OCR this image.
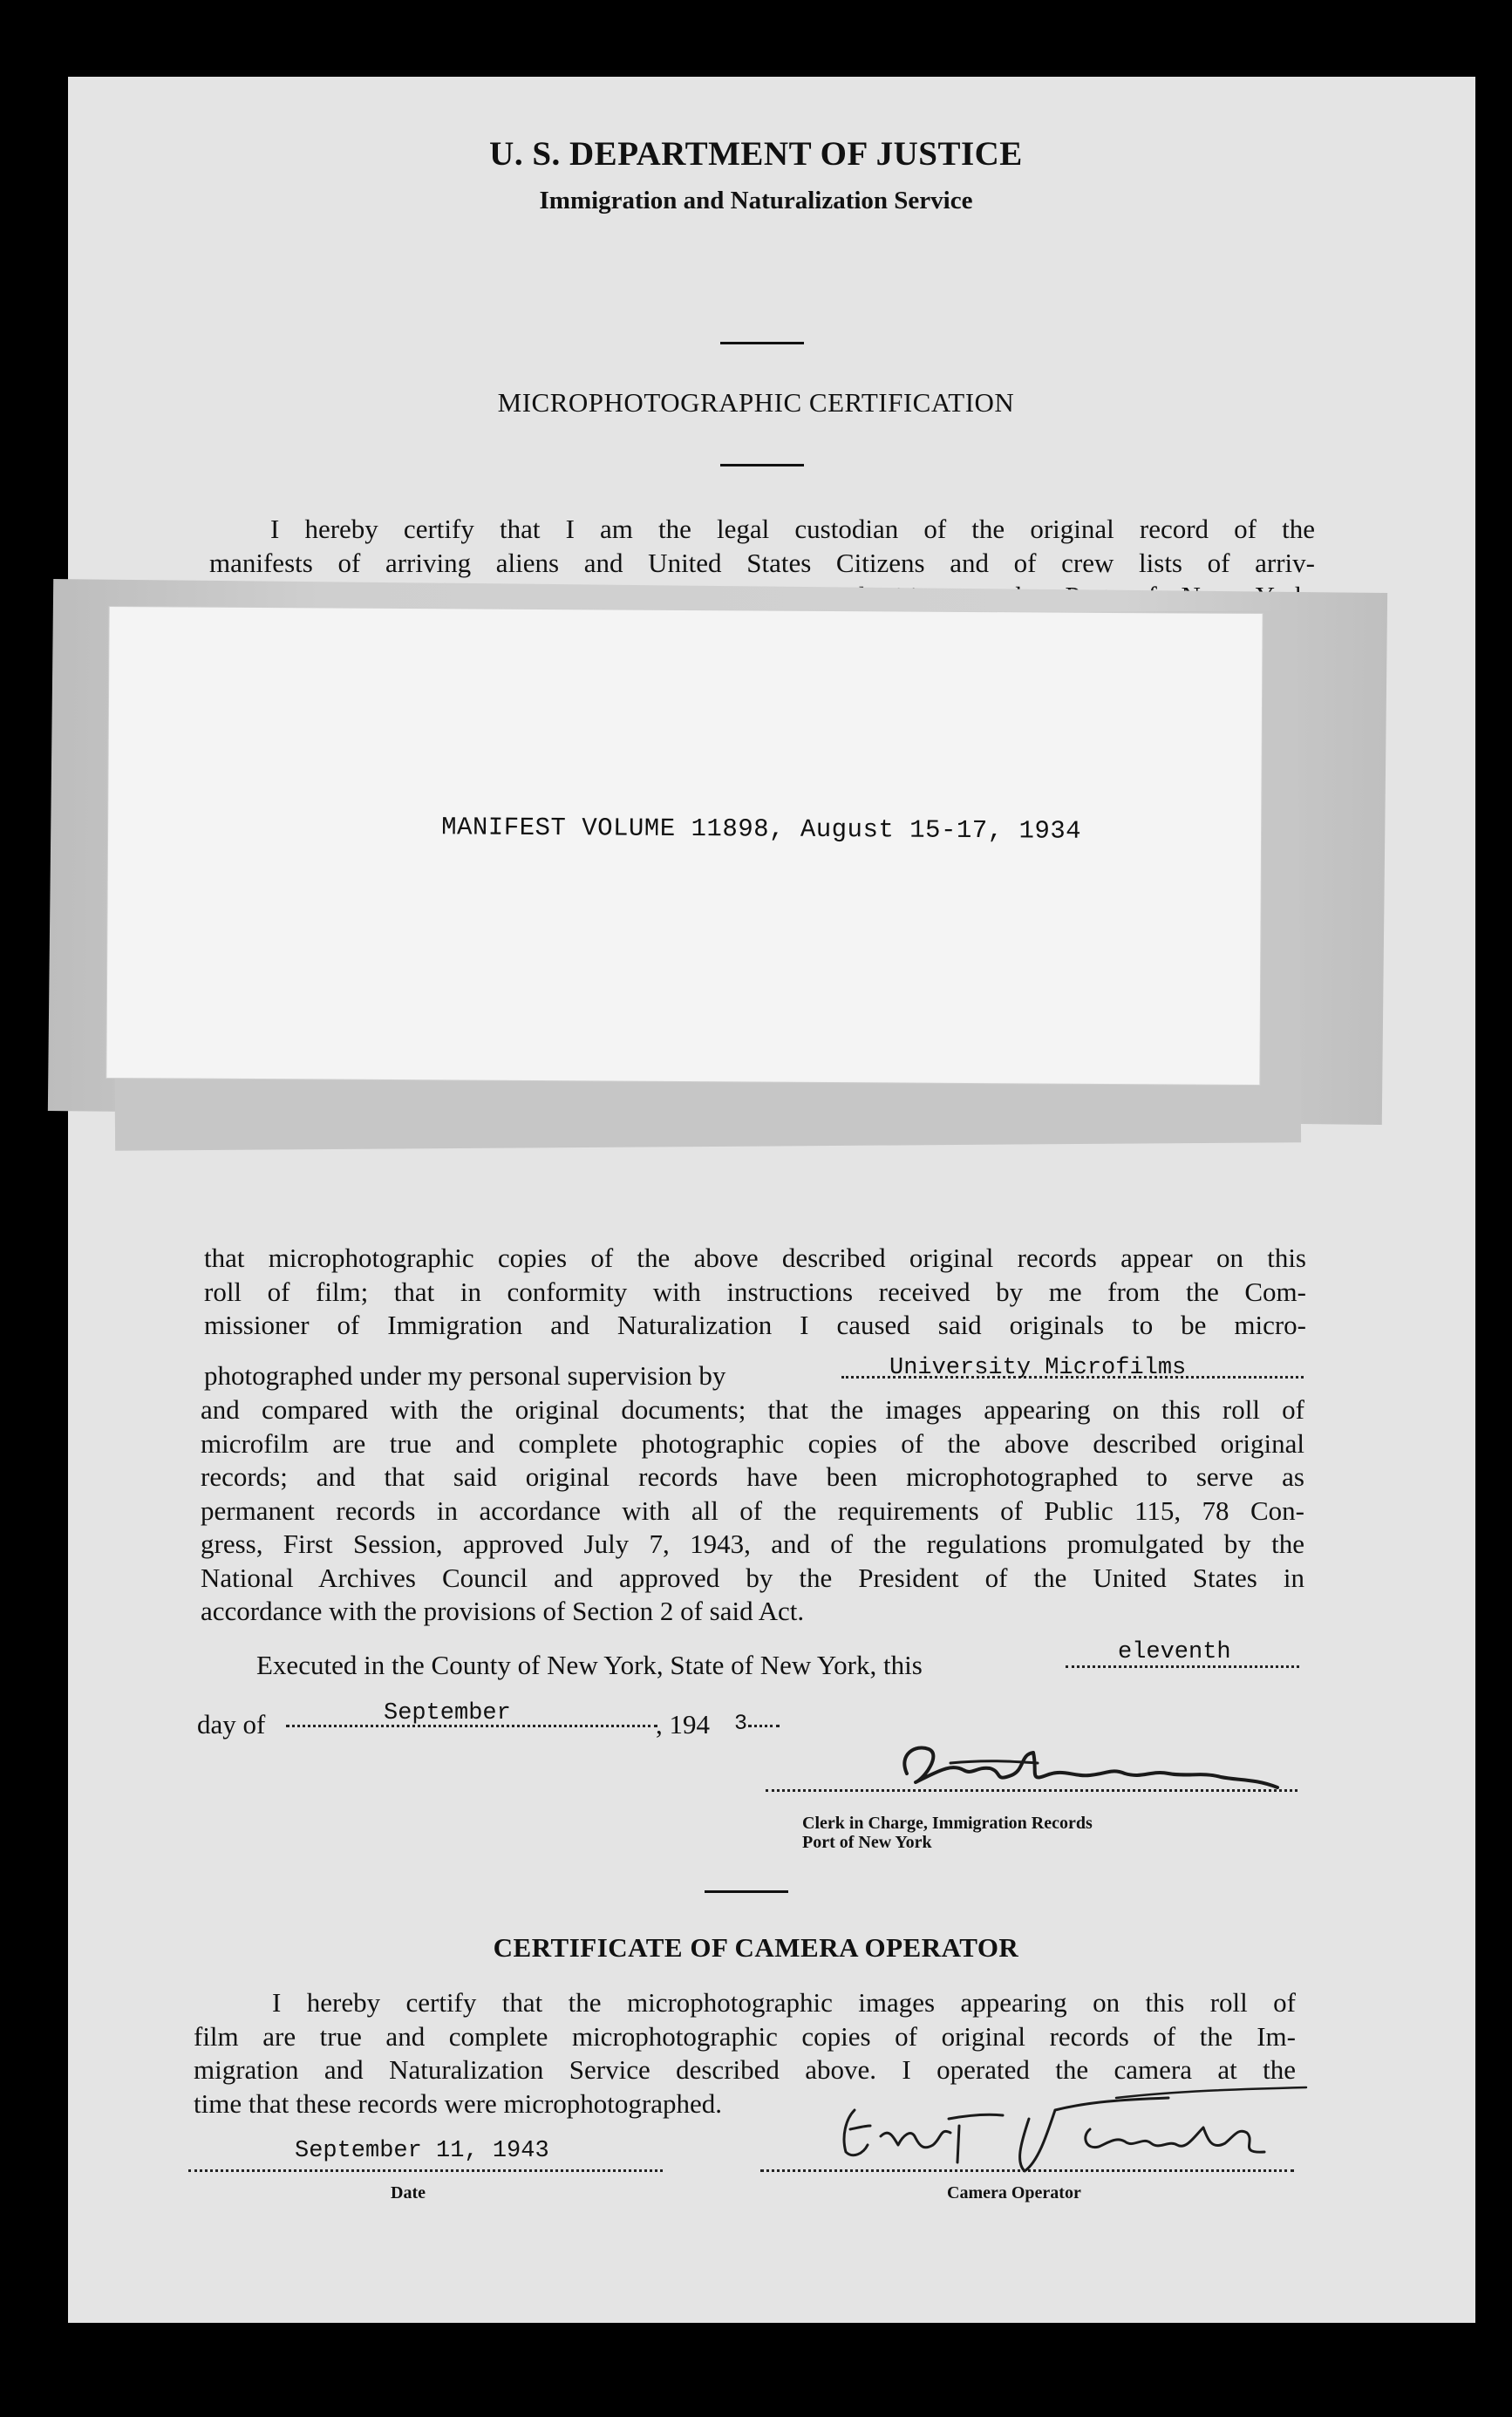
U. S. DEPARTMENT OF JUSTICE
Immigration and Naturalization Service
MICROPHOTOGRAPHIC CERTIFICATION
I hereby certify that I am the legal custodian of the original record of the
manifests of arriving aliens and United States Citizens and of crew lists of arriv-
MANIFEST VOLUME 11898, August 15-17, 1934
that microphotographic copies of the above described original records appear on this
roll of film; that in conformity with instructions received by me from the Com-
missioner of Immigration and Naturalization I caused said originals to be micro-
photographed under my personal supervision by	University Microfilms
and compared with the original documents; that the images appearing on this roll of
microfilm are true and complete photographic copies of the above described original
records; and that said original records have been microphotographed to serve as
permanent records in accordance with all of the requirements of Public 115, 78 Con-
gress, First Session, approved July 7, 1943, and of the regulations promulgated by the
National Archives Council and approved by the President of the United States in
accordance with the provisions of Section 2 of said Act.
Executed in the County of New York, State of New York, this	eleventh
day of	September	, 194 3
Clerk in Charge, Immigration Records
Port of New York
CERTIFICATE OF CAMERA OPERATOR
I hereby certify that the microphotographic images appearing on this roll of
film are true and complete microphotographic copies of original records of the Im-
migration and Naturalization Service described above. I operated the camera at the
time that these records were microphotographed.
September 11, 1943
Date	Camera Operator
